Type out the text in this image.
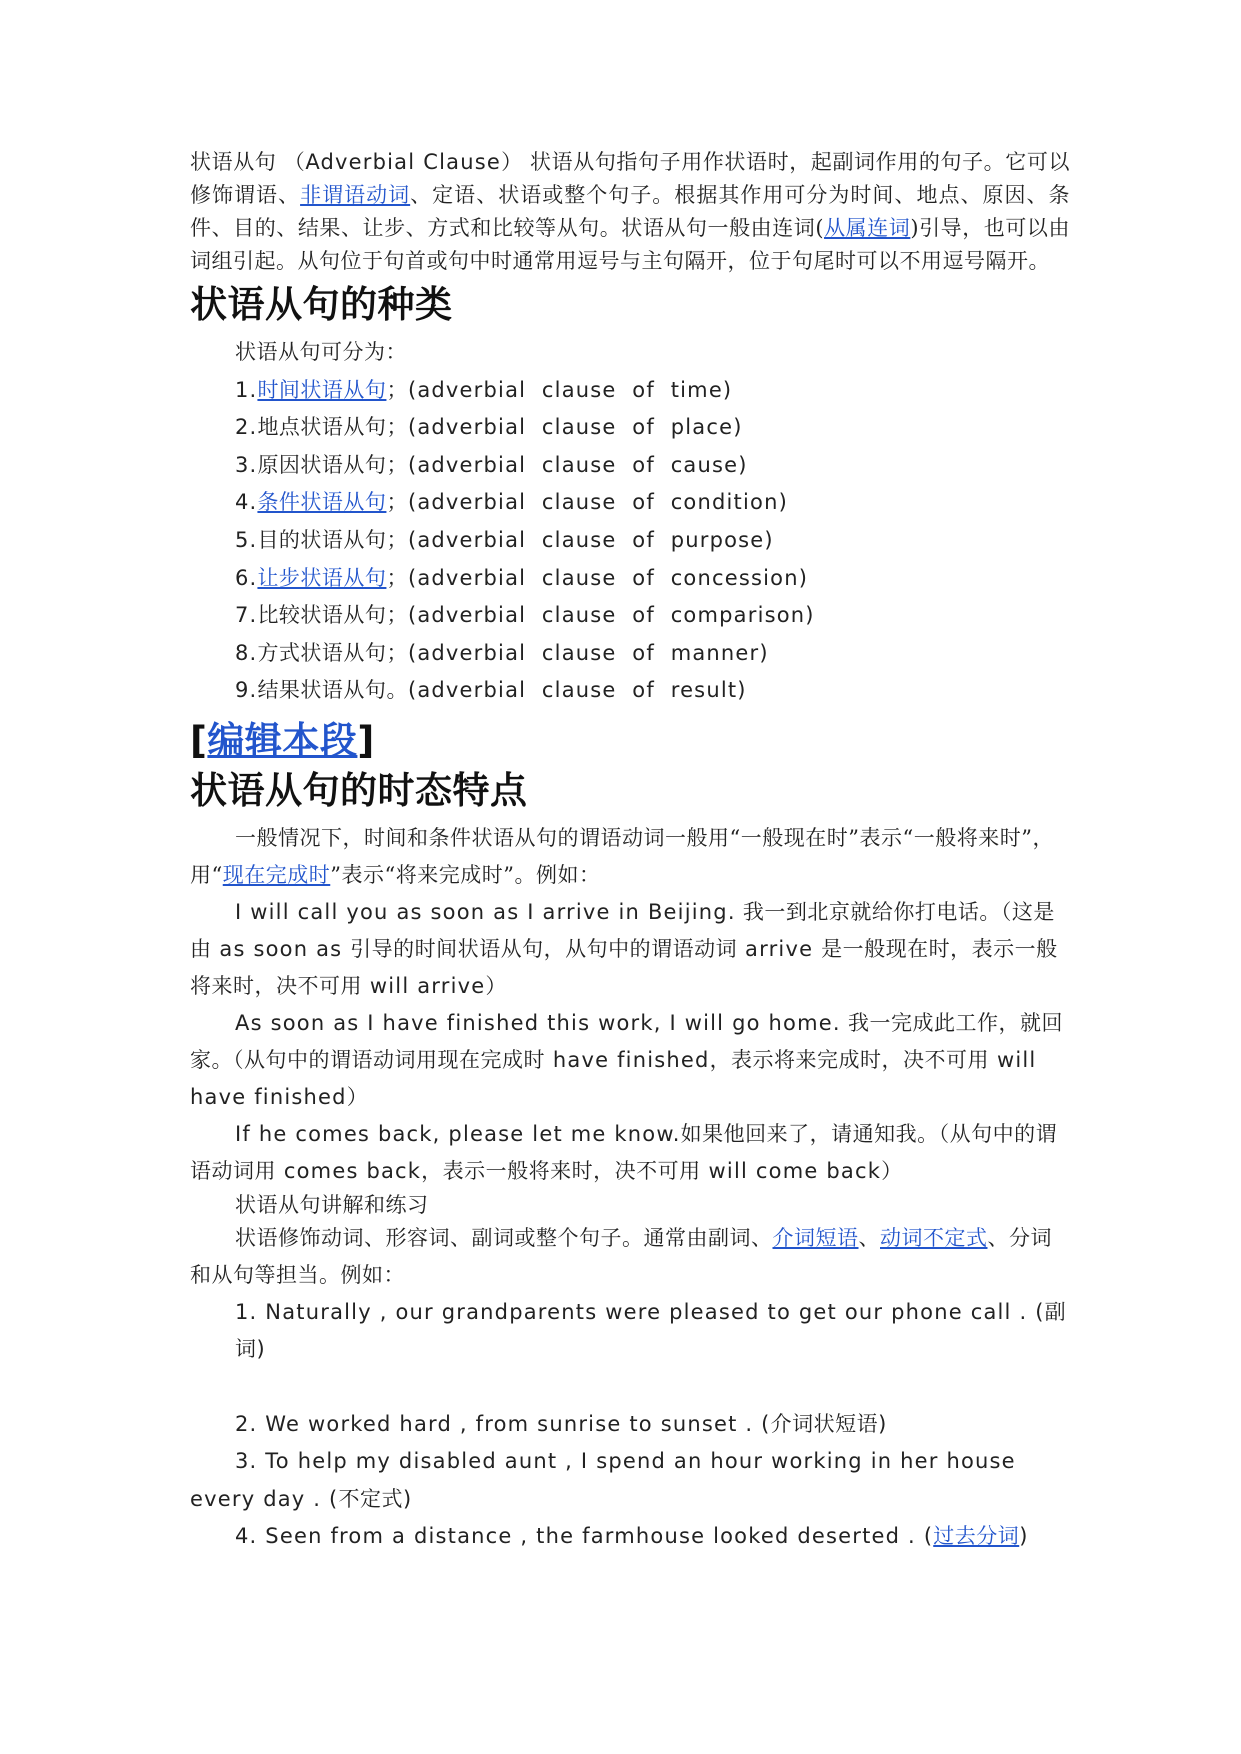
状语从句 （Adverbial Clause） 状语从句指句子用作状语时，起副词作用的句子。它可以修饰谓语、非谓语动词、定语、状语或整个句子。根据其作用可分为时间、地点、原因、条件、目的、结果、让步、方式和比较等从句。状语从句一般由连词(从属连词)引导，也可以由词组引起。从句位于句首或句中时通常用逗号与主句隔开，位于句尾时可以不用逗号隔开。

状语从句的种类
状语从句可分为：
1.时间状语从句；(adverbial  clause  of  time)
2.地点状语从句；(adverbial  clause  of  place)
3.原因状语从句；(adverbial  clause  of  cause)
4.条件状语从句；(adverbial  clause  of  condition)
5.目的状语从句；(adverbial  clause  of  purpose)
6.让步状语从句；(adverbial  clause  of  concession)
7.比较状语从句；(adverbial  clause  of  comparison)
8.方式状语从句；(adverbial  clause  of  manner)
9.结果状语从句。(adverbial  clause  of  result)
[编辑本段]
状语从句的时态特点

一般情况下，时间和条件状语从句的谓语动词一般用“一般现在时”表示“一般将来时”，用“现在完成时”表示“将来完成时”。例如：

I will call you as soon as I arrive in Beijing. 我一到北京就给你打电话。（这是由 as soon as 引导的时间状语从句，从句中的谓语动词 arrive 是一般现在时，表示一般将来时，决不可用 will arrive）

As soon as I have finished this work, I will go home. 我一完成此工作，就回家。（从句中的谓语动词用现在完成时 have finished，表示将来完成时，决不可用 will have finished）

If he comes back, please let me know.如果他回来了，请通知我。（从句中的谓语动词用 comes back，表示一般将来时，决不可用 will come back）

状语从句讲解和练习

状语修饰动词、形容词、副词或整个句子。通常由副词、介词短语、动词不定式、分词和从句等担当。例如：

1. Naturally , our grandparents were pleased to get our phone call . (副词)

2. We worked hard , from sunrise to sunset . (介词状短语)

3. To help my disabled aunt , I spend an hour working in her house every day . (不定式)

4. Seen from a distance , the farmhouse looked deserted . (过去分词)
